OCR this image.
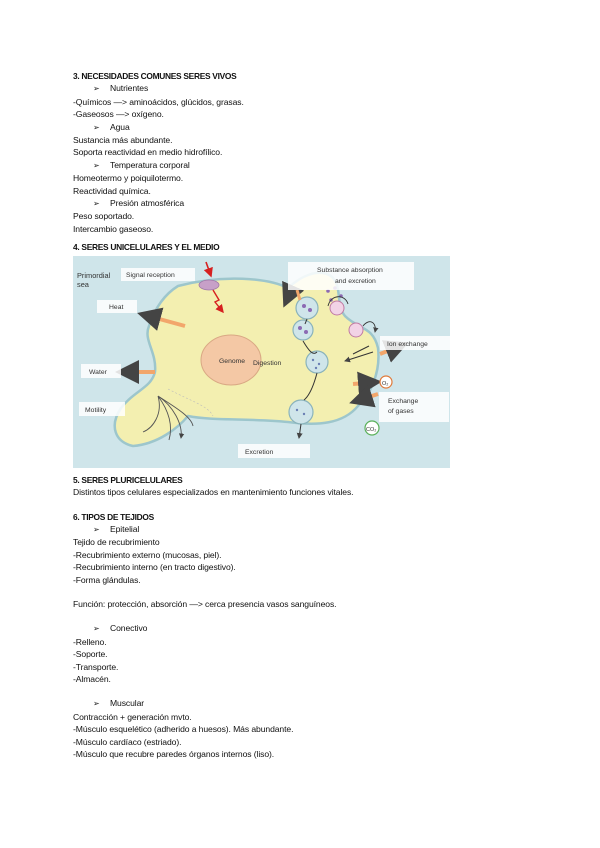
3. NECESIDADES COMUNES SERES VIVOS
➢ Nutrientes
-Químicos —> aminoácidos, glúcidos, grasas.
-Gaseosos —> oxígeno.
➢ Agua
Sustancia más abundante.
Soporta reactividad en medio hidrofílico.
➢ Temperatura corporal
Homeotermo y poiquilotermo.
Reactividad química.
➢ Presión atmosférica
Peso soportado.
Intercambio gaseoso.
4. SERES UNICELULARES Y EL MEDIO
Primordial
sea
Signal reception
Heat
Genome
Water
Motility
Digestion
Substance absorption
and excretion
Ion exchange
O₂
Exchange
of gases
CO₂
Excretion
5. SERES PLURICELULARES
Distintos tipos celulares especializados en mantenimiento funciones vitales.
6. TIPOS DE TEJIDOS
➢ Epitelial
Tejido de recubrimiento
-Recubrimiento externo (mucosas, piel).
-Recubrimiento interno (en tracto digestivo).
-Forma glándulas.
Función: protección, absorción —> cerca presencia vasos sanguíneos.
➢ Conectivo
-Relleno.
-Soporte.
-Transporte.
-Almacén.
➢ Muscular
Contracción + generación mvto.
-Músculo esquelético (adherido a huesos). Más abundante.
-Músculo cardíaco (estriado).
-Músculo que recubre paredes órganos internos (liso).
